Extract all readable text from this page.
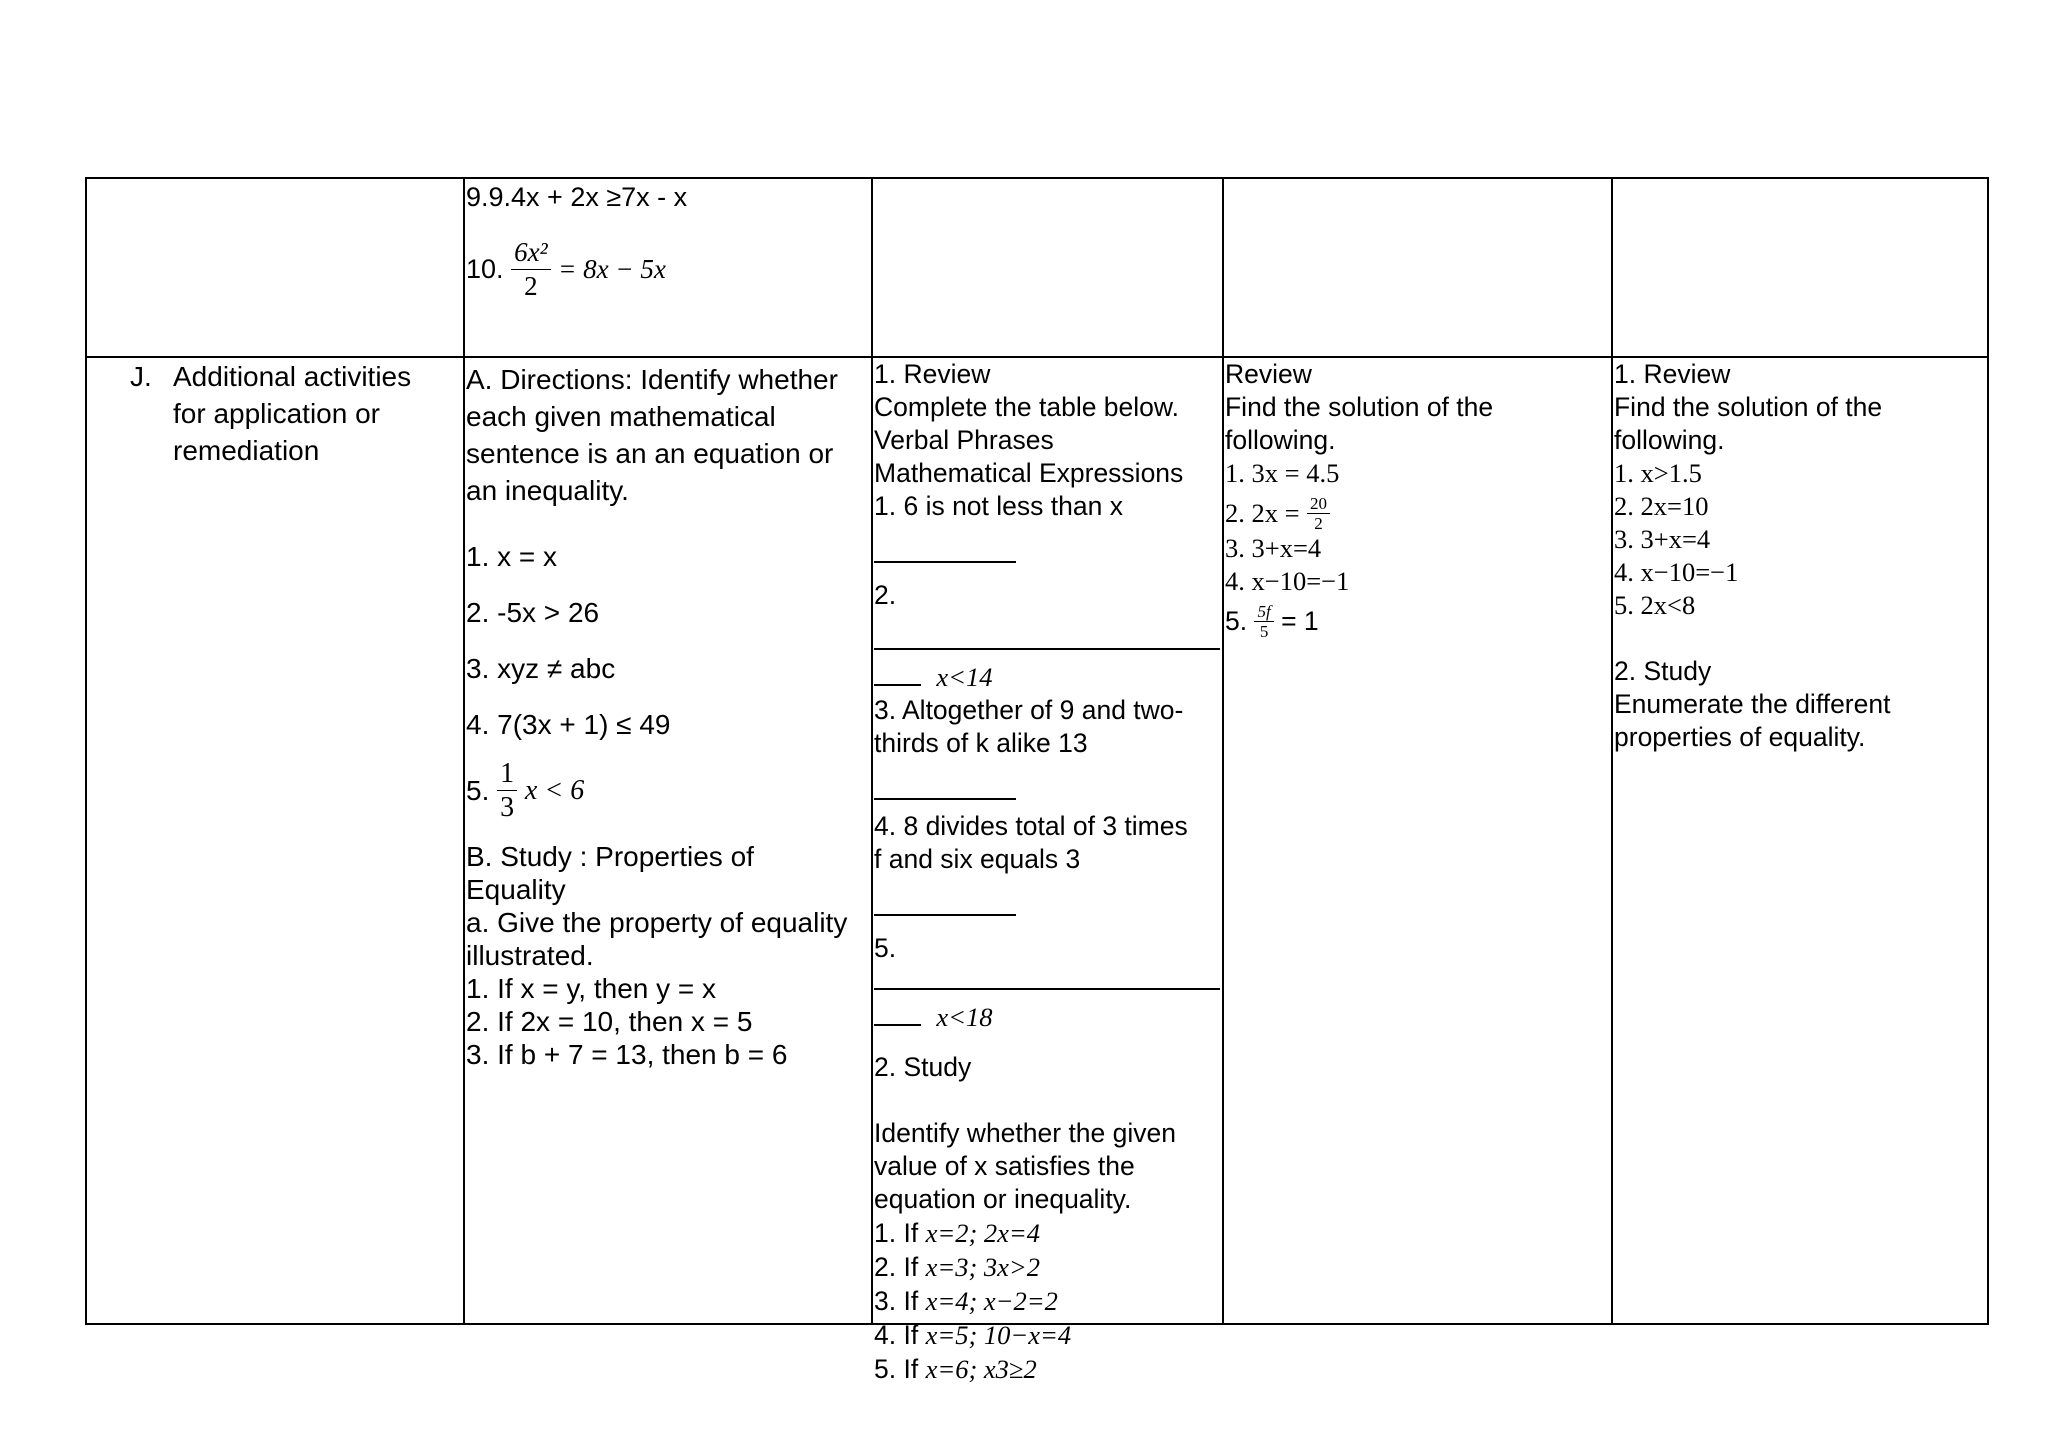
9.9.4x + 2x ≥7x - x
10. $\frac{\text{6x²}}{2} = 8x - 5x$
J. Additional activities
for application or
remediation
A. Directions: Identify whether
each given mathematical
sentence is an an equation or
an inequality.
1. x = x
2. -5x > 26
3. xyz ≠ abc
4. 7(3x + 1) ≤ 49
5. $\frac{1}{3}$ x < 6
B. Study : Properties of
Equality
a. Give the property of equality
illustrated.
1. If x = y, then y = x
2. If 2x = 10, then x = 5
3. If b + 7 = 13, then b = 6
1. Review
Complete the table below.
Verbal Phrases
Mathematical Expressions
1. 6 is not less than x
2.
x<14
3. Altogether of 9 and two-
thirds of k alike 13
4. 8 divides total of 3 times
f and six equals 3
5.
x<18
2. Study
Identify whether the given
value of x satisfies the
equation or inequality.
1. If x=2; 2x=4
2. If x=3; 3x>2
3. If x=4; x−2=2
4. If x=5; 10−x=4
5. If x=6; x3≥2
Review
Find the solution of the
following.
1. 3x = 4.5
2. $2x = \frac{20}{2}$
3. 3+x=4
4. x−10=−1
5. $\frac{5f}{5} = 1$
1. Review
Find the solution of the
following.
1. x>1.5
2. 2x=10
3. 3+x=4
4. x−10=−1
5. 2x<8
2. Study
Enumerate the different
properties of equality.
